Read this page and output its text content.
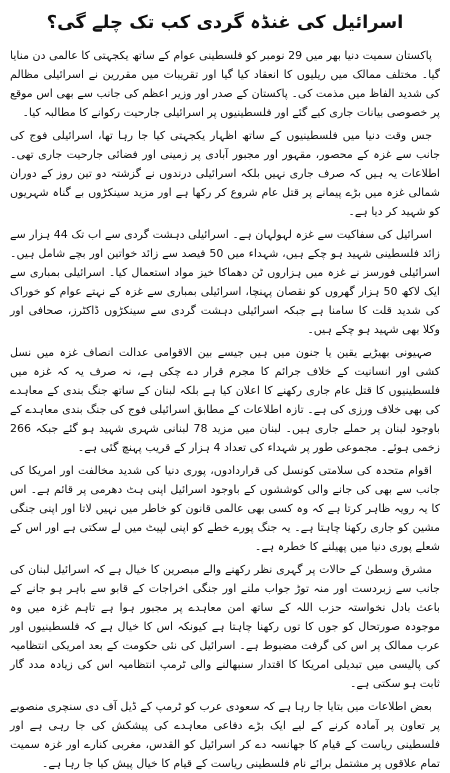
اسرائیل کی غنڈہ گردی کب تک چلے گی؟

پاکستان سمیت دنیا بھر میں 29 نومبر کو فلسطینی عوام کے ساتھ یکجہتی کا عالمی دن منایا گیا۔ مختلف ممالک میں ریلیوں کا انعقاد کیا گیا اور تقریبات میں مقررین نے اسرائیلی مظالم کی شدید الفاظ میں مذمت کی۔ پاکستان کے صدر اور وزیر اعظم کی جانب سے بھی اس موقع پر خصوصی بیانات جاری کیے گئے اور فلسطینیوں پر اسرائیلی جارحیت رکوانے کا مطالبہ کیا۔

جس وقت دنیا میں فلسطینیوں کے ساتھ اظہار یکجہتی کیا جا رہا تھا، اسرائیلی فوج کی جانب سے غزہ کے محصور، مقہور اور مجبور آبادی پر زمینی اور فضائی جارحیت جاری تھی۔ اطلاعات یہ ہیں کہ صرف جاری نہیں بلکہ اسرائیلی درندوں نے گزشتہ دو تین روز کے دوران شمالی غزہ میں بڑے پیمانے پر قتل عام شروع کر رکھا ہے اور مزید سینکڑوں بے گناہ شہریوں کو شہید کر دیا ہے۔

اسرائیل کی سفاکیت سے غزہ لہولہان ہے۔ اسرائیلی دہشت گردی سے اب تک 44 ہزار سے زائد فلسطینی شہید ہو چکے ہیں، شہداء میں 50 فیصد سے زائد خواتین اور بچے شامل ہیں۔ اسرائیلی فورسز نے غزہ میں ہزاروں ٹن دھماکا خیز مواد استعمال کیا۔ اسرائیلی بمباری سے ایک لاکھ 50 ہزار گھروں کو نقصان پہنچا، اسرائیلی بمباری سے غزہ کے نہتے عوام کو خوراک کی شدید قلت کا سامنا ہے جبکہ اسرائیلی دہشت گردی سے سینکڑوں ڈاکٹرز، صحافی اور وکلا بھی شہید ہو چکے ہیں۔

صہیونی بھیڑیے یقین یا جنون میں ہیں جیسے بین الاقوامی عدالت انصاف غزہ میں نسل کشی اور انسانیت کے خلاف جرائم کا مجرم قرار دے چکی ہے، نہ صرف یہ کہ غزہ میں فلسطینیوں کا قتل عام جاری رکھنے کا اعلان کیا ہے بلکہ لبنان کے ساتھ جنگ بندی کے معاہدے کی بھی خلاف ورزی کی ہے۔ تازہ اطلاعات کے مطابق اسرائیلی فوج کی جنگ بندی معاہدے کے باوجود لبنان پر حملے جاری ہیں۔ لبنان میں مزید 78 لبنانی شہری شہید ہو گئے جبکہ 266 زخمی ہوئے۔ مجموعی طور پر شہداء کی تعداد 4 ہزار کے قریب پہنچ گئی ہے۔

اقوام متحدہ کی سلامتی کونسل کی قراردادوں، پوری دنیا کی شدید مخالفت اور امریکا کی جانب سے بھی کی جانے والی کوششوں کے باوجود اسرائیل اپنی ہٹ دھرمی پر قائم ہے۔ اس کا یہ رویہ ظاہر کرتا ہے کہ وہ کسی بھی عالمی قانون کو خاطر میں نہیں لاتا اور اپنی جنگی مشین کو جاری رکھنا چاہتا ہے۔ یہ جنگ پورے خطے کو اپنی لپیٹ میں لے سکتی ہے اور اس کے شعلے پوری دنیا میں پھیلنے کا خطرہ ہے۔

مشرق وسطیٰ کے حالات پر گہری نظر رکھنے والے مبصرین کا خیال ہے کہ اسرائیل لبنان کی جانب سے زبردست اور منہ توڑ جواب ملنے اور جنگی اخراجات کے قابو سے باہر ہو جانے کے باعث بادل نخواستہ حزب اللہ کے ساتھ امن معاہدے پر مجبور ہوا ہے تاہم غزہ میں وہ موجودہ صورتحال کو جوں کا توں رکھنا چاہتا ہے کیونکہ اس کا خیال ہے کہ فلسطینیوں اور عرب ممالک پر اس کی گرفت مضبوط ہے۔ اسرائیل کی نئی حکومت کے بعد امریکی انتظامیہ کی پالیسی میں تبدیلی امریکا کا اقتدار سنبھالنے والی ٹرمپ انتظامیہ اس کی زیادہ مدد گار ثابت ہو سکتی ہے۔

بعض اطلاعات میں بتایا جا رہا ہے کہ سعودی عرب کو ٹرمپ کے ڈیل آف دی سنچری منصوبے پر تعاون پر آمادہ کرنے کے لیے ایک بڑے دفاعی معاہدے کی پیشکش کی جا رہی ہے اور فلسطینی ریاست کے قیام کا جھانسہ دے کر اسرائیل کو القدس، مغربی کنارے اور غزہ سمیت تمام علاقوں پر مشتمل برائے نام فلسطینی ریاست کے قیام کا خیال پیش کیا جا رہا ہے۔
